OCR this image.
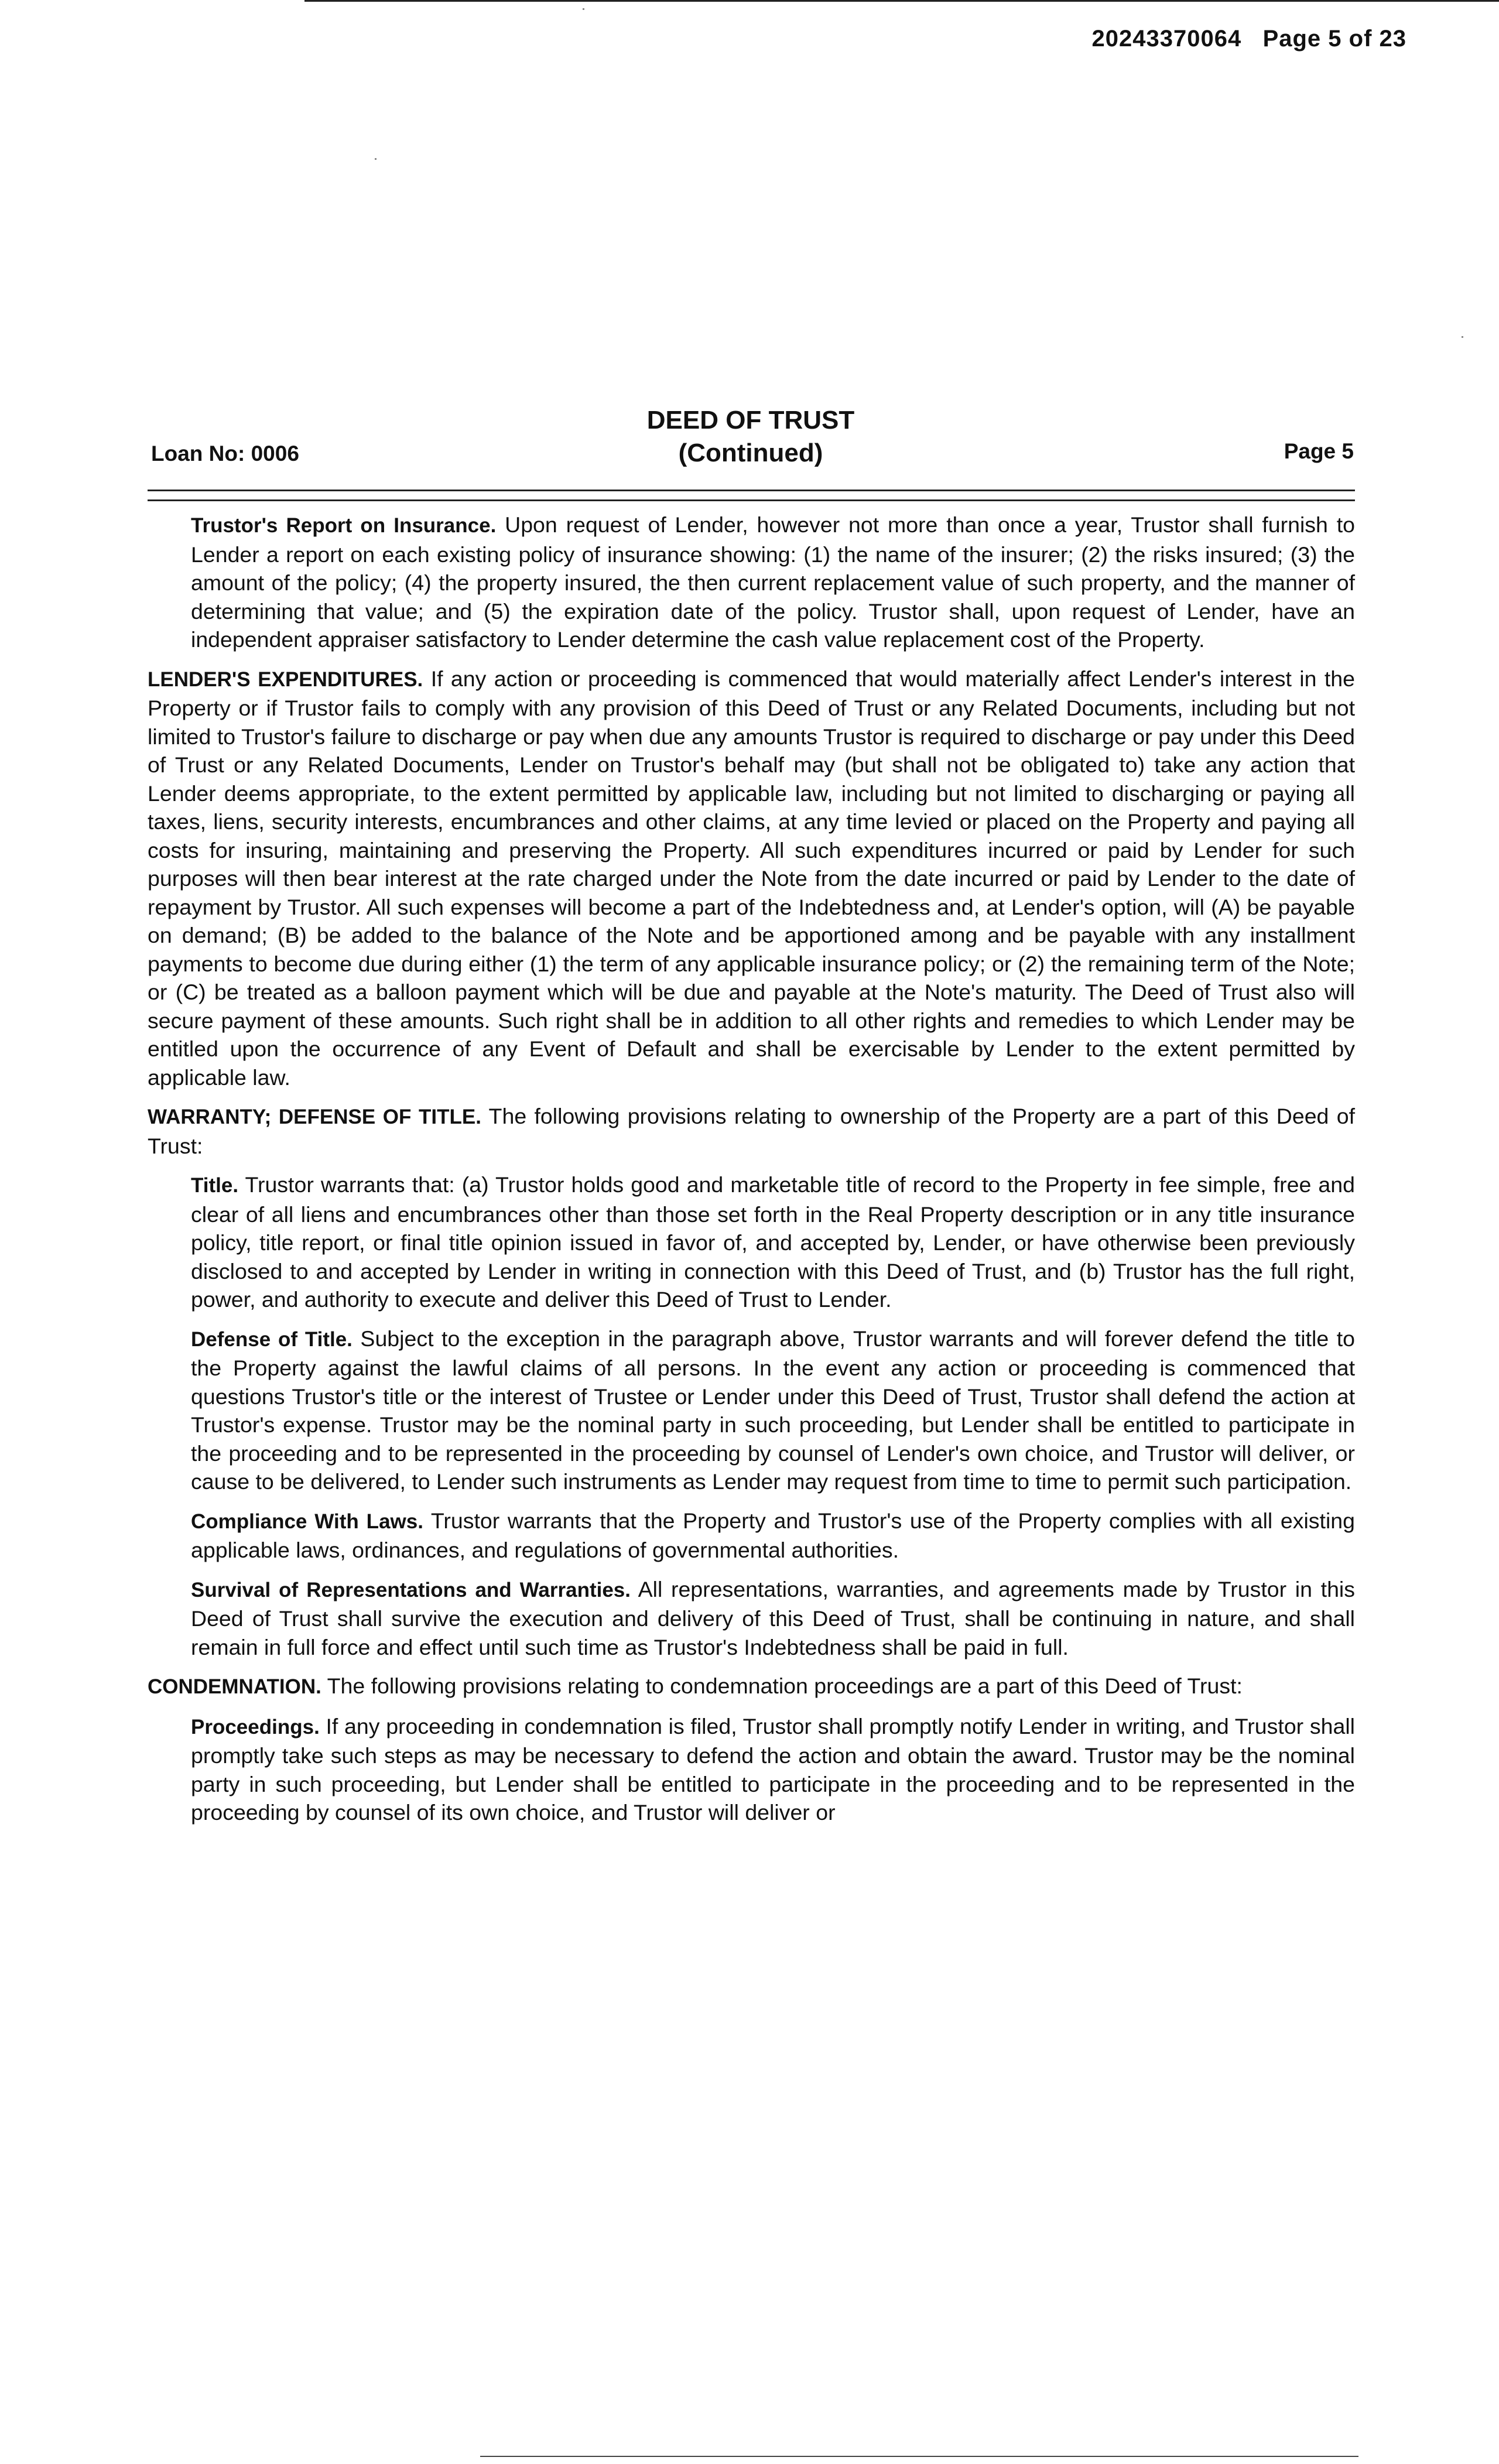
20243370064 Page 5 of 23
Loan No: 0006
DEED OF TRUST
(Continued)	Page 5

Trustor's Report on Insurance. Upon request of Lender, however not more than once a year, Trustor shall furnish to Lender a report on each existing policy of insurance showing: (1) the name of the insurer; (2) the risks insured; (3) the amount of the policy; (4) the property insured, the then current replacement value of such property, and the manner of determining that value; and (5) the expiration date of the policy. Trustor shall, upon request of Lender, have an independent appraiser satisfactory to Lender determine the cash value replacement cost of the Property.

LENDER'S EXPENDITURES. If any action or proceeding is commenced that would materially affect Lender's interest in the Property or if Trustor fails to comply with any provision of this Deed of Trust or any Related Documents, including but not limited to Trustor's failure to discharge or pay when due any amounts Trustor is required to discharge or pay under this Deed of Trust or any Related Documents, Lender on Trustor's behalf may (but shall not be obligated to) take any action that Lender deems appropriate, to the extent permitted by applicable law, including but not limited to discharging or paying all taxes, liens, security interests, encumbrances and other claims, at any time levied or placed on the Property and paying all costs for insuring, maintaining and preserving the Property. All such expenditures incurred or paid by Lender for such purposes will then bear interest at the rate charged under the Note from the date incurred or paid by Lender to the date of repayment by Trustor. All such expenses will become a part of the Indebtedness and, at Lender's option, will (A) be payable on demand; (B) be added to the balance of the Note and be apportioned among and be payable with any installment payments to become due during either (1) the term of any applicable insurance policy; or (2) the remaining term of the Note; or (C) be treated as a balloon payment which will be due and payable at the Note's maturity. The Deed of Trust also will secure payment of these amounts. Such right shall be in addition to all other rights and remedies to which Lender may be entitled upon the occurrence of any Event of Default and shall be exercisable by Lender to the extent permitted by applicable law.

WARRANTY; DEFENSE OF TITLE. The following provisions relating to ownership of the Property are a part of this Deed of Trust:

Title. Trustor warrants that: (a) Trustor holds good and marketable title of record to the Property in fee simple, free and clear of all liens and encumbrances other than those set forth in the Real Property description or in any title insurance policy, title report, or final title opinion issued in favor of, and accepted by, Lender, or have otherwise been previously disclosed to and accepted by Lender in writing in connection with this Deed of Trust, and (b) Trustor has the full right, power, and authority to execute and deliver this Deed of Trust to Lender.

Defense of Title. Subject to the exception in the paragraph above, Trustor warrants and will forever defend the title to the Property against the lawful claims of all persons. In the event any action or proceeding is commenced that questions Trustor's title or the interest of Trustee or Lender under this Deed of Trust, Trustor shall defend the action at Trustor's expense. Trustor may be the nominal party in such proceeding, but Lender shall be entitled to participate in the proceeding and to be represented in the proceeding by counsel of Lender's own choice, and Trustor will deliver, or cause to be delivered, to Lender such instruments as Lender may request from time to time to permit such participation.

Compliance With Laws. Trustor warrants that the Property and Trustor's use of the Property complies with all existing applicable laws, ordinances, and regulations of governmental authorities.

Survival of Representations and Warranties. All representations, warranties, and agreements made by Trustor in this Deed of Trust shall survive the execution and delivery of this Deed of Trust, shall be continuing in nature, and shall remain in full force and effect until such time as Trustor's Indebtedness shall be paid in full.

CONDEMNATION. The following provisions relating to condemnation proceedings are a part of this Deed of Trust:

Proceedings. If any proceeding in condemnation is filed, Trustor shall promptly notify Lender in writing, and Trustor shall promptly take such steps as may be necessary to defend the action and obtain the award. Trustor may be the nominal party in such proceeding, but Lender shall be entitled to participate in the proceeding and to be represented in the proceeding by counsel of its own choice, and Trustor will deliver or
